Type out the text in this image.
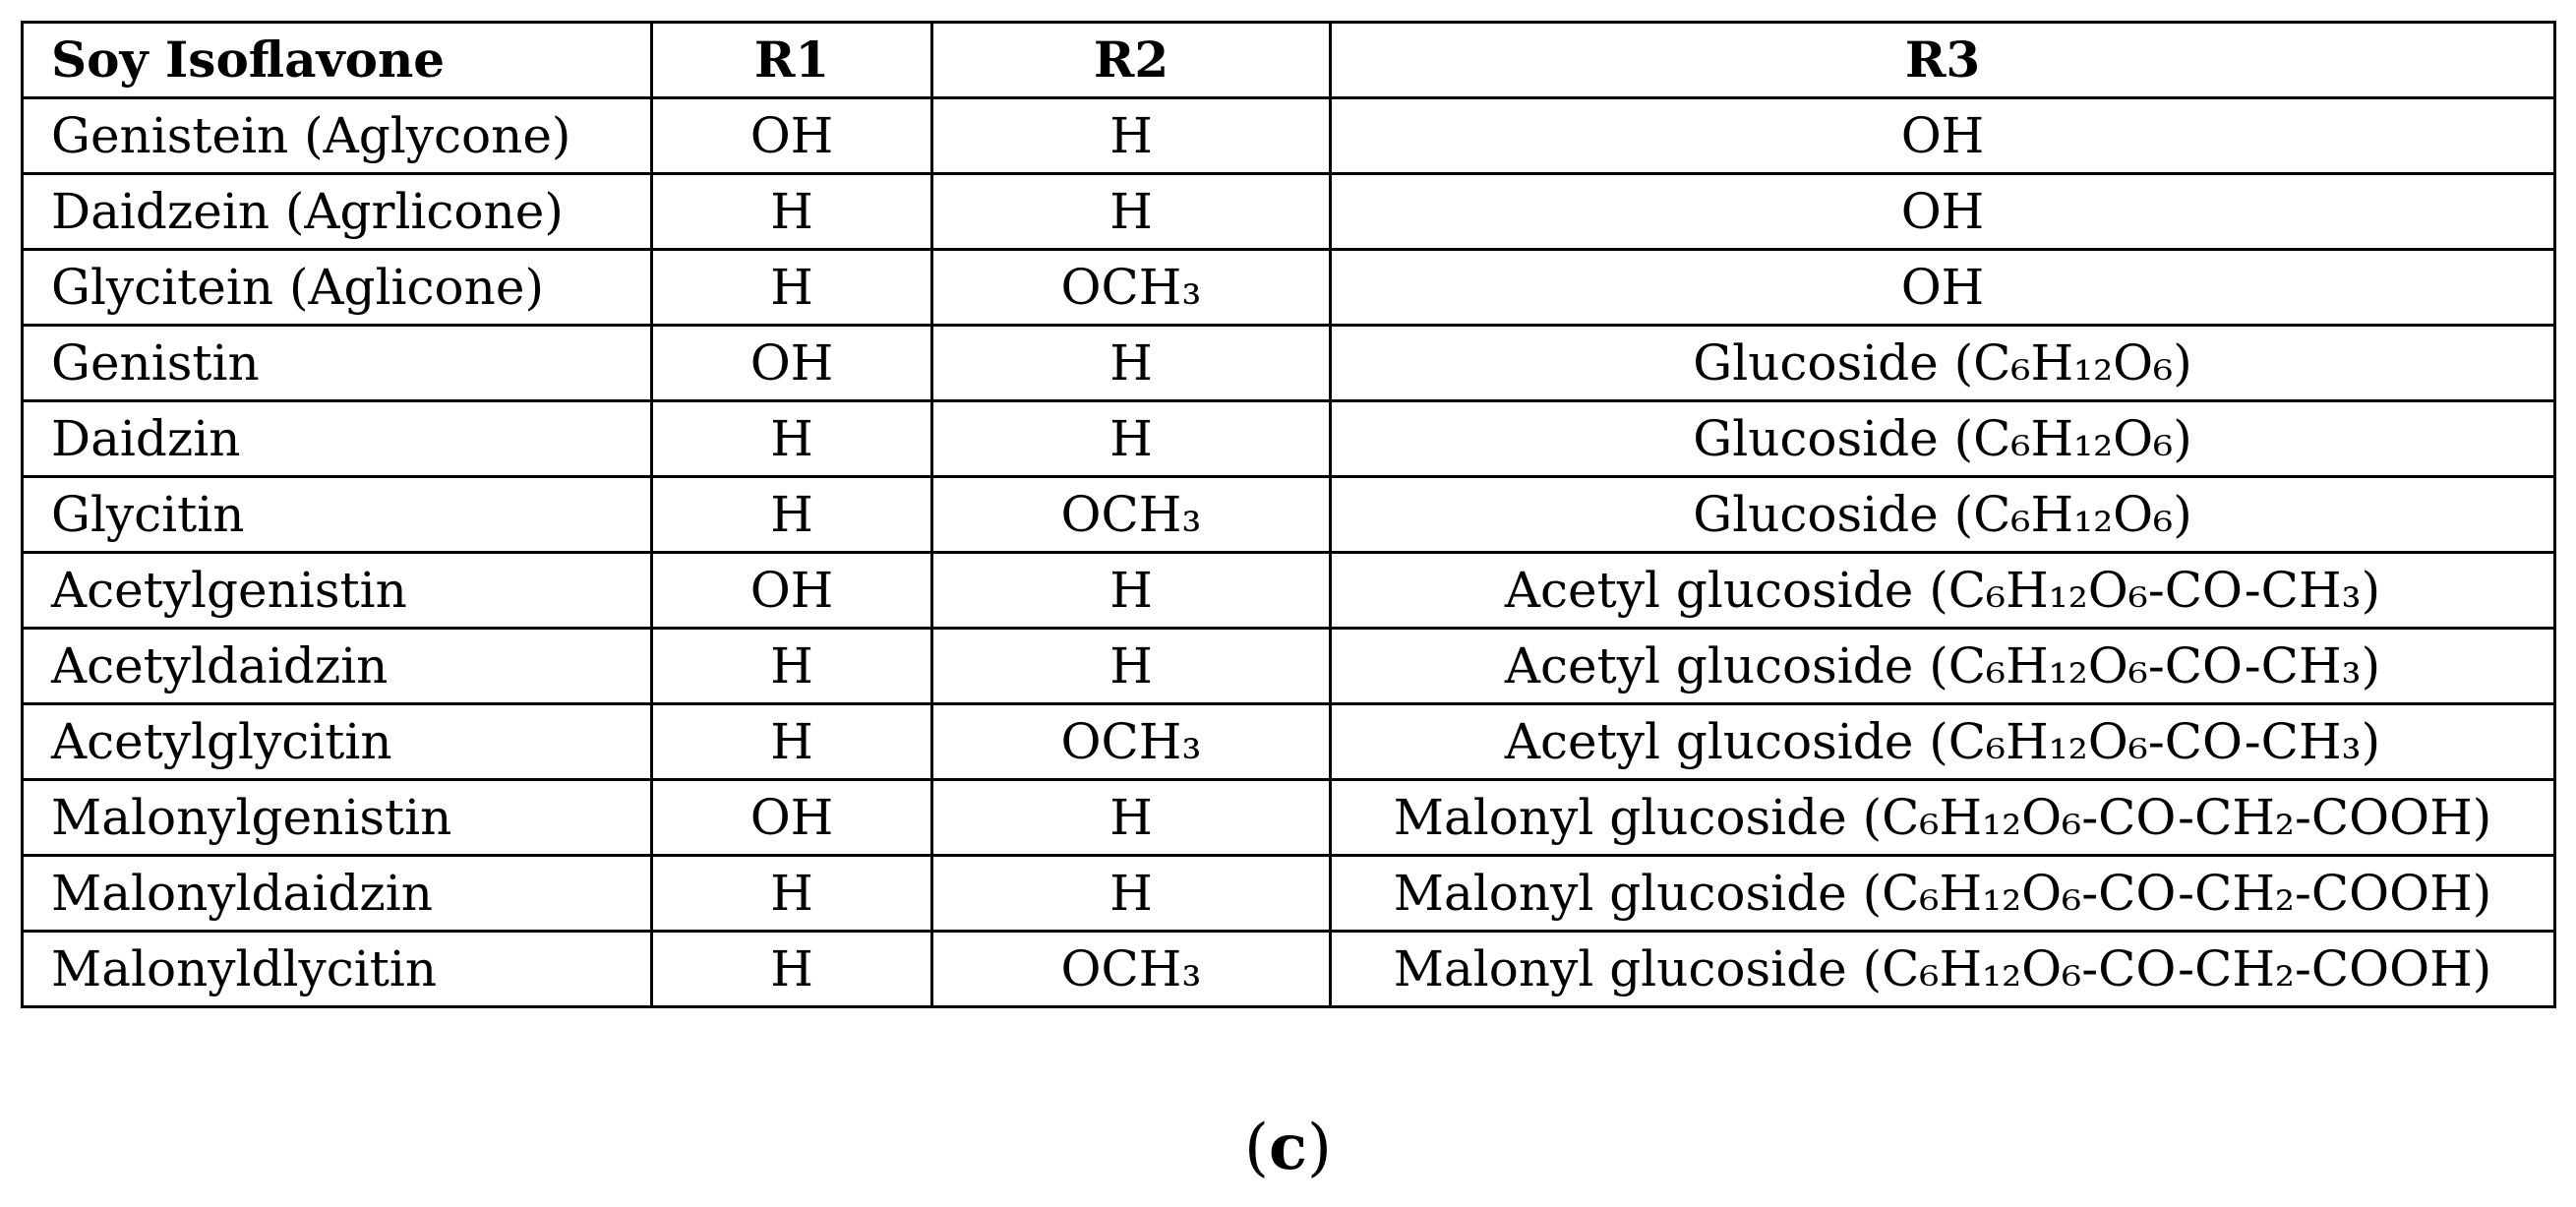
Soy Isoflavone	R1	R2	R3
Genistein (Aglycone)	OH	H	OH
Daidzein (Agrlicone)	H	H	OH
Glycitein (Aglicone)	H	OCH₃	OH
Genistin	OH	H	Glucoside (C₆H₁₂O₆)
Daidzin	H	H	Glucoside (C₆H₁₂O₆)
Glycitin	H	OCH₃	Glucoside (C₆H₁₂O₆)
Acetylgenistin	OH	H	Acetyl glucoside (C₆H₁₂O₆-CO-CH₃)
Acetyldaidzin	H	H	Acetyl glucoside (C₆H₁₂O₆-CO-CH₃)
Acetylglycitin	H	OCH₃	Acetyl glucoside (C₆H₁₂O₆-CO-CH₃)
Malonylgenistin	OH	H	Malonyl glucoside (C₆H₁₂O₆-CO-CH₂-COOH)
Malonyldaidzin	H	H	Malonyl glucoside (C₆H₁₂O₆-CO-CH₂-COOH)
Malonyldlycitin	H	OCH₃	Malonyl glucoside (C₆H₁₂O₆-CO-CH₂-COOH)
(c)
